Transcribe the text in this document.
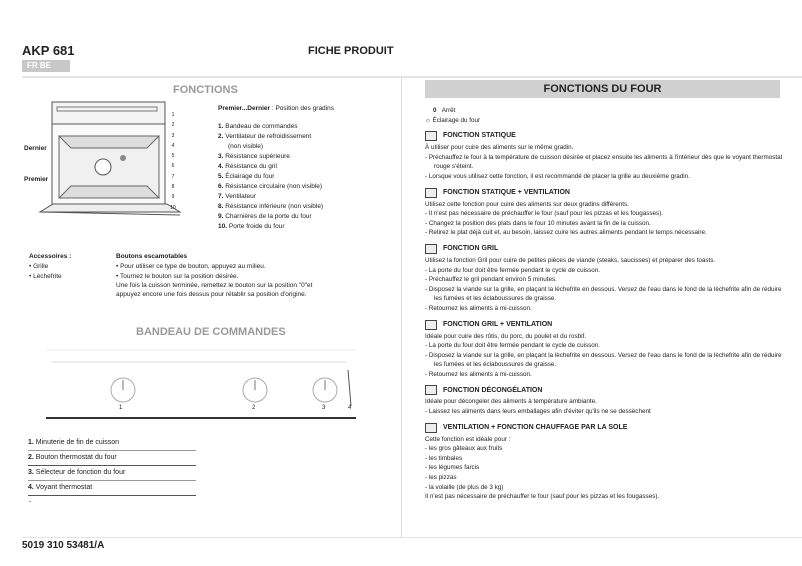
AKP 681
FR BE
FICHE PRODUIT
FONCTIONS
Dernier
Premier
1
2
3
4
5
6
7
8
9
10
Premier...Dernier : Position des gradins
1. Bandeau de commandes
2. Ventilateur de refroidissement
(non visible)
3. Résistance supérieure
4. Résistance du gril
5. Éclairage du four
6. Résistance circulaire (non visible)
7. Ventilateur
8. Résistance inférieure (non visible)
9. Charnières de la porte du four
10. Porte froide du four
Accessoires :
• Grille
• Lèchefrite
Boutons escamotables
• Pour utiliser ce type de bouton, appuyez au milieu.
• Tournez le bouton sur la position désirée.
Une fois la cuisson terminée, remettez le bouton sur la position "0"et
appuyez encore une fois dessus pour rétablir sa position d'origine.
BANDEAU DE COMMANDES
1	2	3	4
1. Minuterie de fin de cuisson
2. Bouton thermostat du four
3. Sélecteur de fonction du four
4. Voyant thermostat
-
5019 310 53481/A
FONCTIONS DU FOUR
0 Arrêt
☼ Éclairage du four
FONCTION STATIQUE
À utiliser pour cuire des aliments sur le même gradin.
- Préchauffez le four à la température de cuisson désirée et placez ensuite les aliments à l'intérieur dès que le voyant thermostat rouge s'éteint.
- Lorsque vous utilisez cette fonction, il est recommandé de placer la grille au deuxième gradin.
FONCTION STATIQUE + VENTILATION
Utilisez cette fonction pour cuire des aliments sur deux gradins différents.
- Il n'est pas nécessaire de préchauffer le four (sauf pour les pizzas et les fougasses).
- Changez la position des plats dans le four 10 minutes avant la fin de la cuisson.
- Retirez le plat déjà cuit et, au besoin, laissez cuire les autres aliments pendant le temps nécessaire.
FONCTION GRIL
Utilisez la fonction Gril pour cuire de petites pièces de viande (steaks, saucisses) et préparer des toasts.
- La porte du four doit être fermée pendant le cycle de cuisson.
- Préchauffez le gril pendant environ 5 minutes.
- Disposez la viande sur la grille, en plaçant la lèchefrite en dessous. Versez de l'eau dans le fond de la lèchefrite afin de réduire les fumées et les éclaboussures de graisse.
- Retournez les aliments à mi-cuisson.
FONCTION GRIL + VENTILATION
Idéale pour cuire des rôtis, du porc, du poulet et du rosbif.
- La porte du four doit être fermée pendant le cycle de cuisson.
- Disposez la viande sur la grille, en plaçant la lèchefrite en dessous. Versez de l'eau dans le fond de la lèchefrite afin de réduire les fumées et les éclaboussures de graisse.
- Retournez les aliments à mi-cuisson.
FONCTION DÉCONGÉLATION
Idéale pour décongeler des aliments à température ambiante.
- Laissez les aliments dans leurs emballages afin d'éviter qu'ils ne se dessèchent
VENTILATION + FONCTION CHAUFFAGE PAR LA SOLE
Cette fonction est idéale pour :
- les gros gâteaux aux fruits
- les timbales
- les légumes farcis
- les pizzas
- la volaille (de plus de 3 kg)
Il n'est pas nécessaire de préchauffer le four (sauf pour les pizzas et les fougasses).
